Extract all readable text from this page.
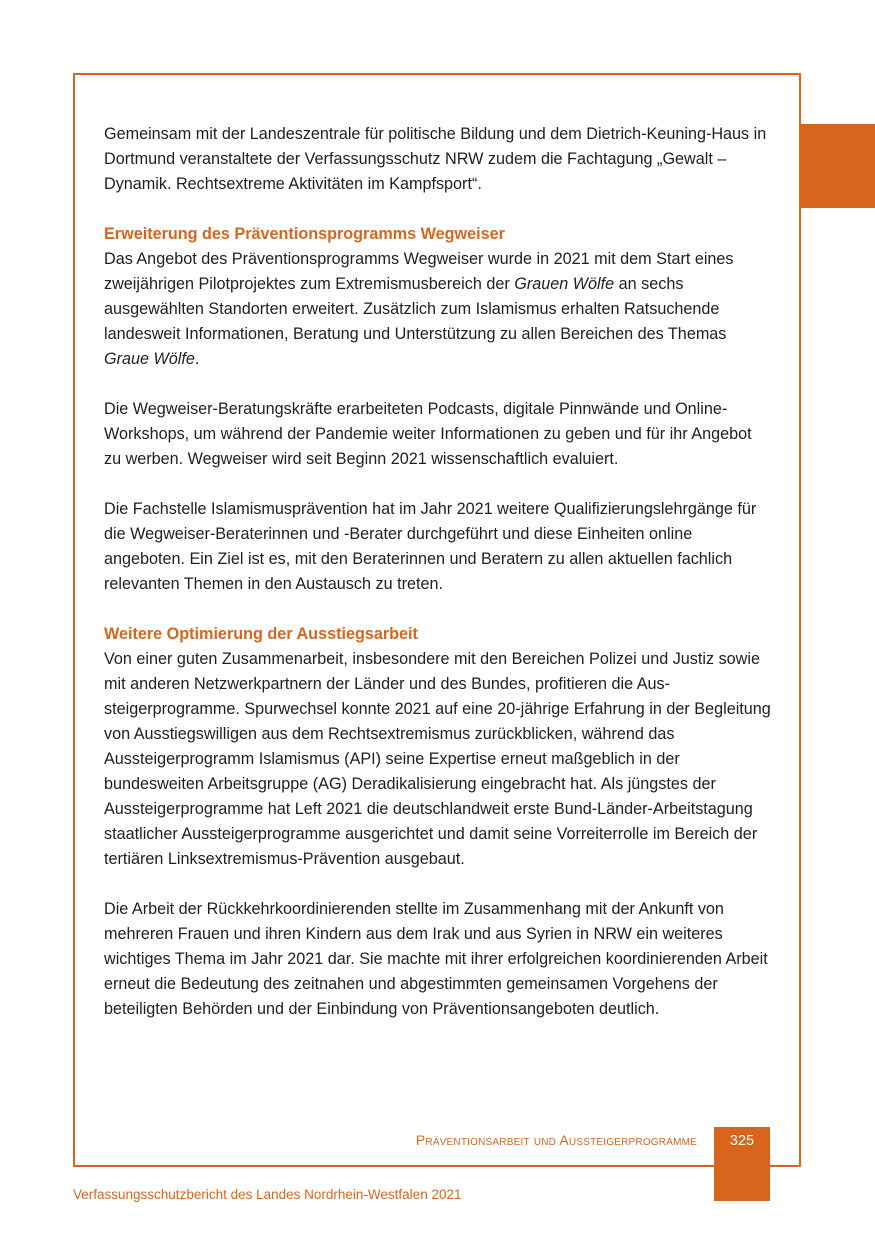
Gemeinsam mit der Landeszentrale für politische Bildung und dem Dietrich-Keuning-Haus in Dortmund veranstaltete der Verfassungsschutz NRW zudem die Fachtagung „Gewalt – Dynamik. Rechtsextreme Aktivitäten im Kampfsport“.

Erweiterung des Präventionsprogramms Wegweiser

Das Angebot des Präventionsprogramms Wegweiser wurde in 2021 mit dem Start eines zweijährigen Pilotprojektes zum Extremismusbereich der Grauen Wölfe an sechs ausgewählten Standorten erweitert. Zusätzlich zum Islamismus erhalten Ratsuchende landesweit Informationen, Beratung und Unterstützung zu allen Bereichen des Themas Graue Wölfe.

Die Wegweiser-Beratungskräfte erarbeiteten Podcasts, digitale Pinnwände und Online-Workshops, um während der Pandemie weiter Informationen zu geben und für ihr Angebot zu werben. Wegweiser wird seit Beginn 2021 wissenschaftlich evaluiert.

Die Fachstelle Islamismusprävention hat im Jahr 2021 weitere Qualifizierungslehrgänge für die Wegweiser-Beraterinnen und -Berater durchgeführt und diese Einheiten online angeboten. Ein Ziel ist es, mit den Beraterinnen und Beratern zu allen aktuellen fachlich relevanten Themen in den Austausch zu treten.

Weitere Optimierung der Ausstiegsarbeit

Von einer guten Zusammenarbeit, insbesondere mit den Bereichen Polizei und Justiz sowie mit anderen Netzwerkpartnern der Länder und des Bundes, profitieren die Aussteigerprogramme. Spurwechsel konnte 2021 auf eine 20-jährige Erfahrung in der Begleitung von Ausstiegswilligen aus dem Rechtsextremismus zurückblicken, während das Aussteigerprogramm Islamismus (API) seine Expertise erneut maßgeblich in der bundesweiten Arbeitsgruppe (AG) Deradikalisierung eingebracht hat. Als jüngstes der Aussteigerprogramme hat Left 2021 die deutschlandweit erste Bund-Länder-Arbeitstagung staatlicher Aussteigerprogramme ausgerichtet und damit seine Vorreiterrolle im Bereich der tertiären Linksextremismus-Prävention ausgebaut.

Die Arbeit der Rückkehrkoordinierenden stellte im Zusammenhang mit der Ankunft von mehreren Frauen und ihren Kindern aus dem Irak und aus Syrien in NRW ein weiteres wichtiges Thema im Jahr 2021 dar. Sie machte mit ihrer erfolgreichen koordinierenden Arbeit erneut die Bedeutung des zeitnahen und abgestimmten gemeinsamen Vorgehens der beteiligten Behörden und der Einbindung von Präventionsangeboten deutlich.

Präventionsarbeit und Aussteigerprogramme	325
Verfassungsschutzbericht des Landes Nordrhein-Westfalen 2021
